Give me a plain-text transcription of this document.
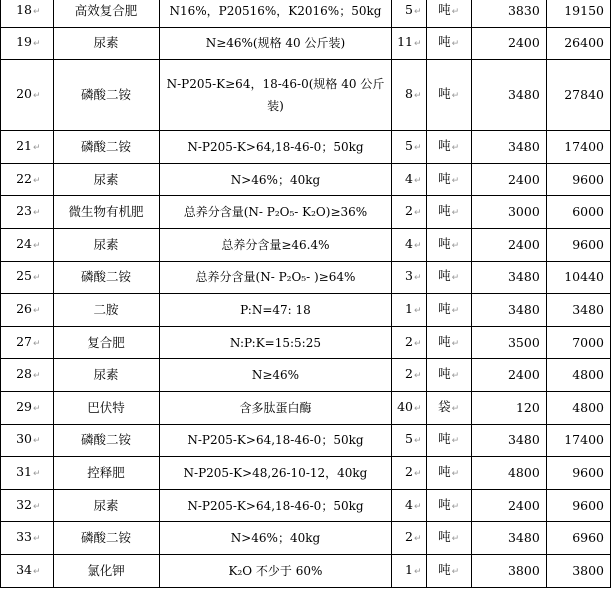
18↵	高效复合肥	N16%，P20516%，K2016%；50kg	5↵	吨↵	3830	19150
19↵	尿素	N≥46%(规格 40 公斤装)	11↵	吨↵	2400	26400
20↵	磷酸二铵	N-P205-K≥64，18-46-0(规格 40 公斤装)	8↵	吨↵	3480	27840
21↵	磷酸二铵	N-P205-K>64,18-46-0；50kg	5↵	吨↵	3480	17400
22↵	尿素	N>46%；40kg	4↵	吨↵	2400	9600
23↵	微生物有机肥	总养分含量(N- P₂O₅- K₂O)≥36%	2↵	吨↵	3000	6000
24↵	尿素	总养分含量≥46.4%	4↵	吨↵	2400	9600
25↵	磷酸二铵	总养分含量(N- P₂O₅- )≥64%	3↵	吨↵	3480	10440
26↵	二胺	P:N=47: 18	1↵	吨↵	3480	3480
27↵	复合肥	N:P:K=15:5:25	2↵	吨↵	3500	7000
28↵	尿素	N≥46%	2↵	吨↵	2400	4800
29↵	巴伏特	含多肽蛋白酶	40↵	袋↵	120	4800
30↵	磷酸二铵	N-P205-K>64,18-46-0；50kg	5↵	吨↵	3480	17400
31↵	控释肥	N-P205-K>48,26-10-12，40kg	2↵	吨↵	4800	9600
32↵	尿素	N-P205-K>64,18-46-0；50kg	4↵	吨↵	2400	9600
33↵	磷酸二铵	N>46%；40kg	2↵	吨↵	3480	6960
34↵	氯化钾	K₂O 不少于 60%	1↵	吨↵	3800	3800
